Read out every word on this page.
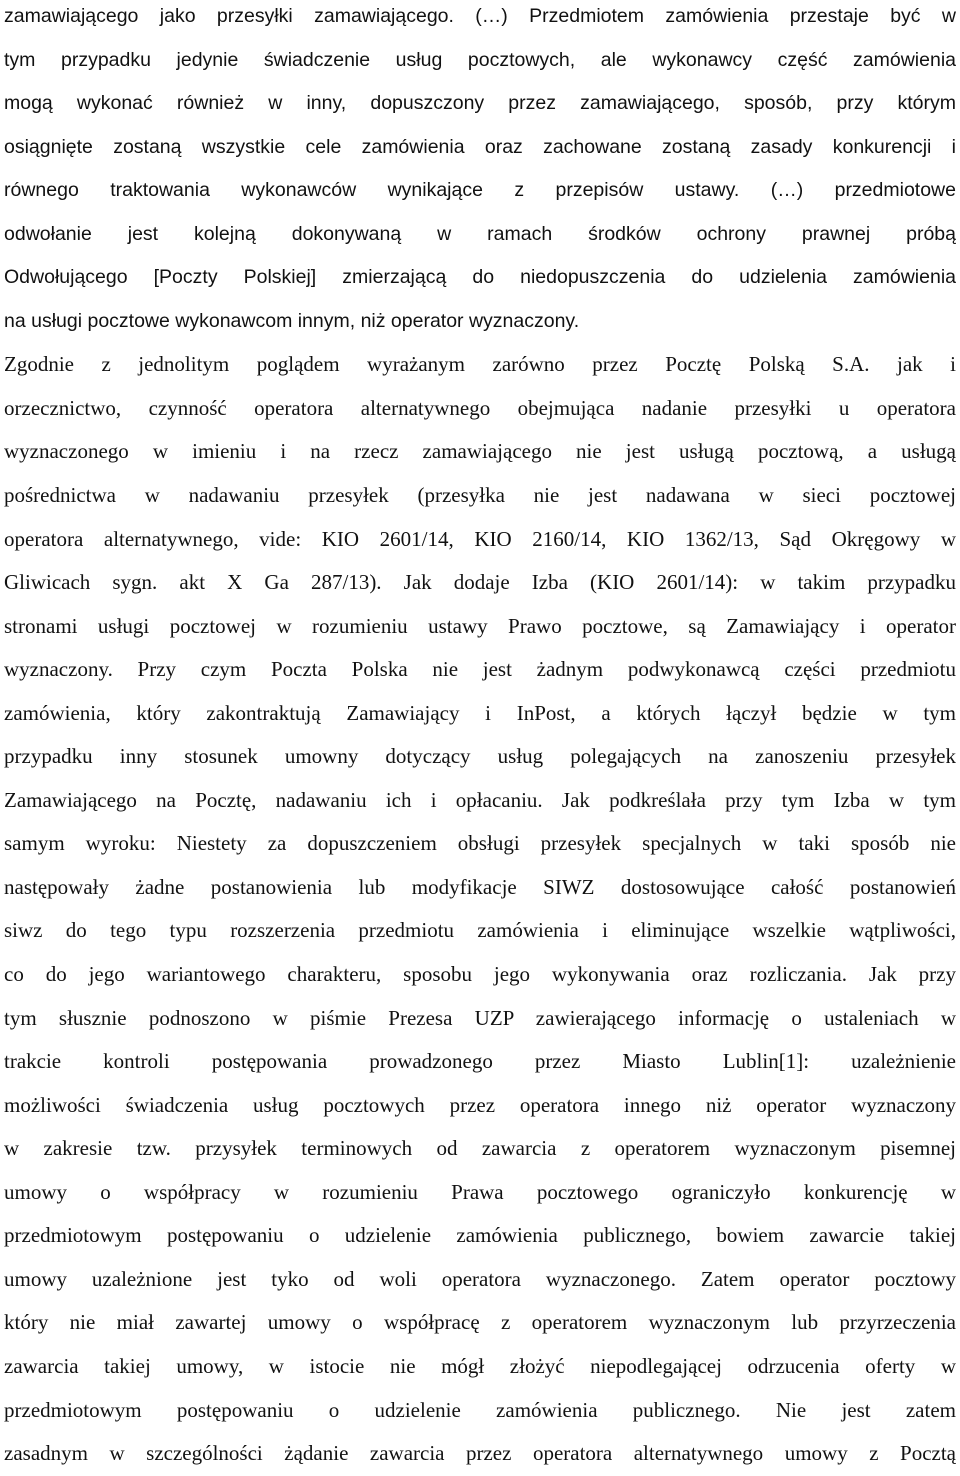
zamawiającego jako przesyłki zamawiającego. (…) Przedmiotem zamówienia przestaje być w
tym przypadku jedynie świadczenie usług pocztowych, ale wykonawcy część zamówienia
mogą wykonać również w inny, dopuszczony przez zamawiającego, sposób, przy którym
osiągnięte zostaną wszystkie cele zamówienia oraz zachowane zostaną zasady konkurencji i
równego traktowania wykonawców wynikające z przepisów ustawy. (…) przedmiotowe
odwołanie jest kolejną dokonywaną w ramach środków ochrony prawnej próbą
Odwołującego [Poczty Polskiej] zmierzającą do niedopuszczenia do udzielenia zamówienia
na usługi pocztowe wykonawcom innym, niż operator wyznaczony.
Zgodnie z jednolitym poglądem wyrażanym zarówno przez Pocztę Polską S.A. jak i
orzecznictwo, czynność operatora alternatywnego obejmująca nadanie przesyłki u operatora
wyznaczonego w imieniu i na rzecz zamawiającego nie jest usługą pocztową, a usługą
pośrednictwa w nadawaniu przesyłek (przesyłka nie jest nadawana w sieci pocztowej
operatora alternatywnego, vide: KIO 2601/14, KIO 2160/14, KIO 1362/13, Sąd Okręgowy w
Gliwicach sygn. akt X Ga 287/13). Jak dodaje Izba (KIO 2601/14): w takim przypadku
stronami usługi pocztowej w rozumieniu ustawy Prawo pocztowe, są Zamawiający i operator
wyznaczony. Przy czym Poczta Polska nie jest żadnym podwykonawcą części przedmiotu
zamówienia, który zakontraktują Zamawiający i InPost, a których łączył będzie w tym
przypadku inny stosunek umowny dotyczący usług polegających na zanoszeniu przesyłek
Zamawiającego na Pocztę, nadawaniu ich i opłacaniu. Jak podkreślała przy tym Izba w tym
samym wyroku: Niestety za dopuszczeniem obsługi przesyłek specjalnych w taki sposób nie
następowały żadne postanowienia lub modyfikacje SIWZ dostosowujące całość postanowień
siwz do tego typu rozszerzenia przedmiotu zamówienia i eliminujące wszelkie wątpliwości,
co do jego wariantowego charakteru, sposobu jego wykonywania oraz rozliczania. Jak przy
tym słusznie podnoszono w piśmie Prezesa UZP zawierającego informację o ustaleniach w
trakcie kontroli postępowania prowadzonego przez Miasto Lublin[1]: uzależnienie
możliwości świadczenia usług pocztowych przez operatora innego niż operator wyznaczony
w zakresie tzw. przysyłek terminowych od zawarcia z operatorem wyznaczonym pisemnej
umowy o współpracy w rozumieniu Prawa pocztowego ograniczyło konkurencję w
przedmiotowym postępowaniu o udzielenie zamówienia publicznego, bowiem zawarcie takiej
umowy uzależnione jest tyko od woli operatora wyznaczonego. Zatem operator pocztowy
który nie miał zawartej umowy o współpracę z operatorem wyznaczonym lub przyrzeczenia
zawarcia takiej umowy, w istocie nie mógł złożyć niepodlegającej odrzucenia oferty w
przedmiotowym postępowaniu o udzielenie zamówienia publicznego. Nie jest zatem
zasadnym w szczególności żądanie zawarcia przez operatora alternatywnego umowy z Pocztą
